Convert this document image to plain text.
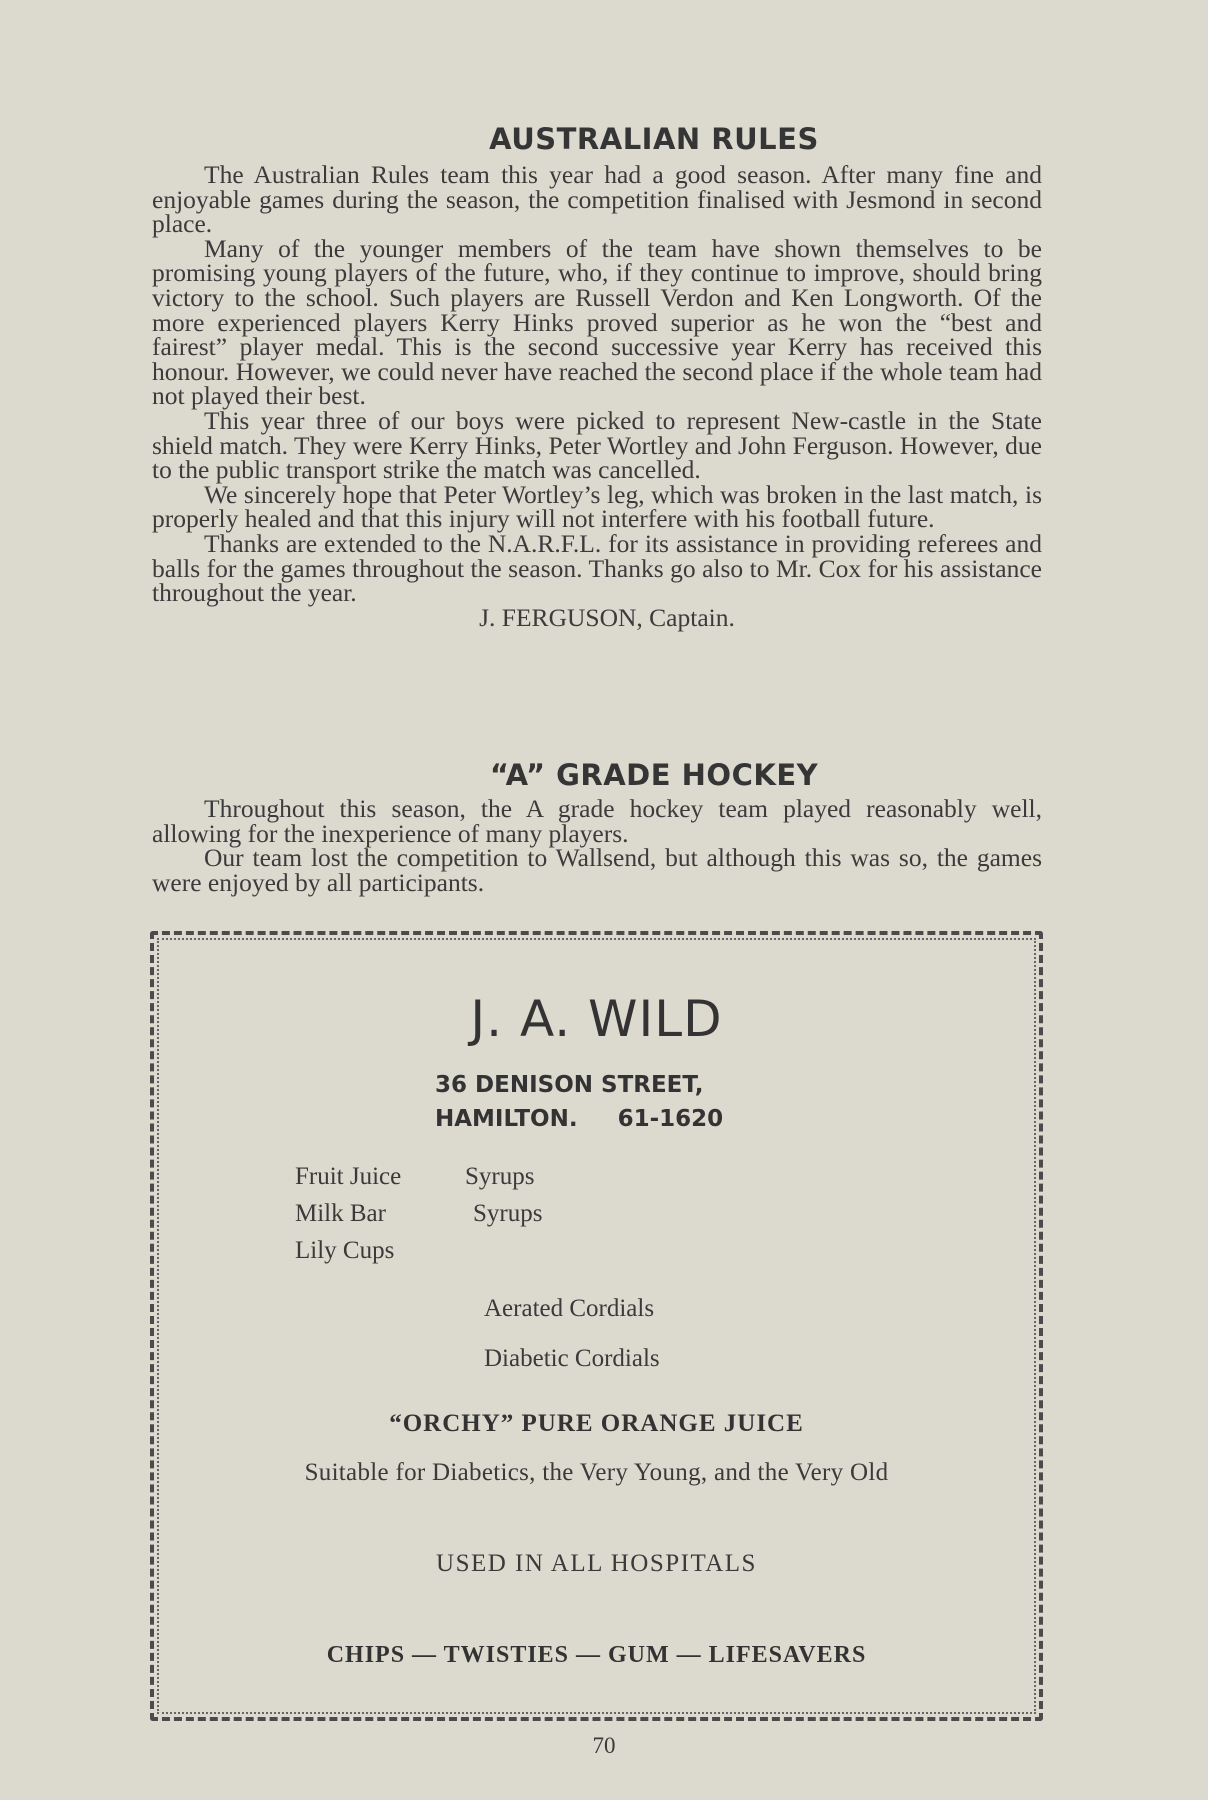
AUSTRALIAN RULES

The Australian Rules team this year had a good season. After many fine and enjoyable games during the season, the competition finalised with Jesmond in second place.

Many of the younger members of the team have shown themselves to be promising young players of the future, who, if they continue to improve, should bring victory to the school. Such players are Russell Verdon and Ken Longworth. Of the more experienced players Kerry Hinks proved superior as he won the “best and fairest” player medal. This is the second successive year Kerry has received this honour. However, we could never have reached the second place if the whole team had not played their best.

This year three of our boys were picked to represent New-castle in the State shield match. They were Kerry Hinks, Peter Wortley and John Ferguson. However, due to the public transport strike the match was cancelled.

We sincerely hope that Peter Wortley’s leg, which was broken in the last match, is properly healed and that this injury will not interfere with his football future.

Thanks are extended to the N.A.R.F.L. for its assistance in providing referees and balls for the games throughout the season. Thanks go also to Mr. Cox for his assistance throughout the year.

J. FERGUSON, Captain.

“A” GRADE HOCKEY

Throughout this season, the A grade hockey team played reasonably well, allowing for the inexperience of many players.

Our team lost the competition to Wallsend, but although this was so, the games were enjoyed by all participants.

J. A. WILD
36 DENISON STREET,
HAMILTON. 61-1620
Fruit Juice	Syrups
Milk Bar	Syrups
Lily Cups
Aerated Cordials
Diabetic Cordials
“ORCHY” PURE ORANGE JUICE
Suitable for Diabetics, the Very Young, and the Very Old
USED IN ALL HOSPITALS
CHIPS — TWISTIES — GUM — LIFESAVERS
70
